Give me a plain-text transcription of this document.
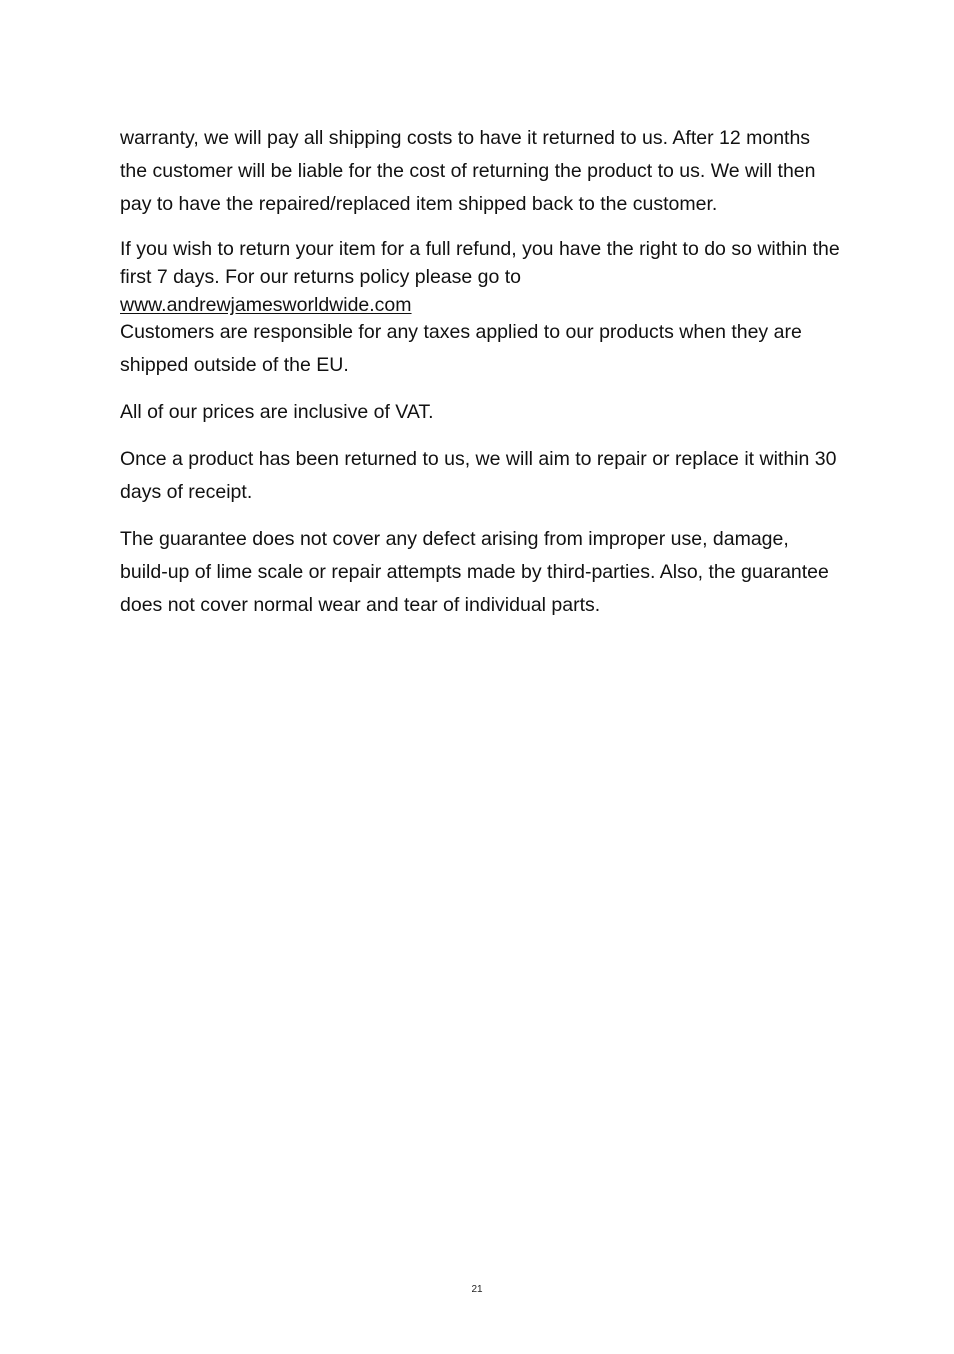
warranty, we will pay all shipping costs to have it returned to us. After 12 months the customer will be liable for the cost of returning the product to us. We will then pay to have the repaired/replaced item shipped back to the customer.

If you wish to return your item for a full refund, you have the right to do so within the first 7 days. For our returns policy please go to

www.andrewjamesworldwide.com

Customers are responsible for any taxes applied to our products when they are shipped outside of the EU.

All of our prices are inclusive of VAT.

Once a product has been returned to us, we will aim to repair or replace it within 30 days of receipt.

The guarantee does not cover any defect arising from improper use, damage, build-up of lime scale or repair attempts made by third-parties. Also, the guarantee does not cover normal wear and tear of individual parts.

21
